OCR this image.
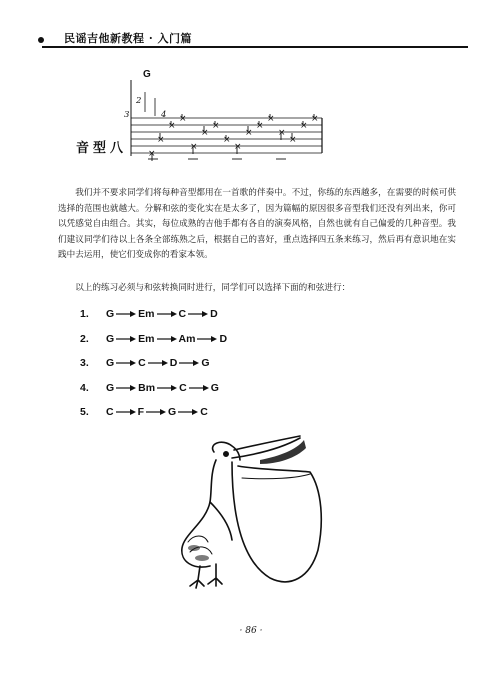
民谣吉他新教程 · 入门篇
G
2
3	4
×
×
×
×
×
×
×
×
×
×
×
×
×
×
×
×
音型八

我们并不要求同学们将每种音型都用在一首歌的伴奏中。不过，你练的东西越多，在需要的时候可供选择的范围也就越大。分解和弦的变化实在是太多了，因为篇幅的原因很多音型我们还没有列出来，你可以凭感觉自由组合。其实，每位成熟的吉他手都有各自的演奏风格，自然也就有自己偏爱的几种音型。我们建议同学们待以上各条全部练熟之后，根据自己的喜好，重点选择四五条来练习，然后再有意识地在实践中去运用，使它们变成你的看家本领。

以上的练习必须与和弦转换同时进行，同学们可以选择下面的和弦进行：

1.	G Em C D
2.	G Em Am D
3.	G C D G
4.	G Bm C G
5.	C F G C
· 86 ·
